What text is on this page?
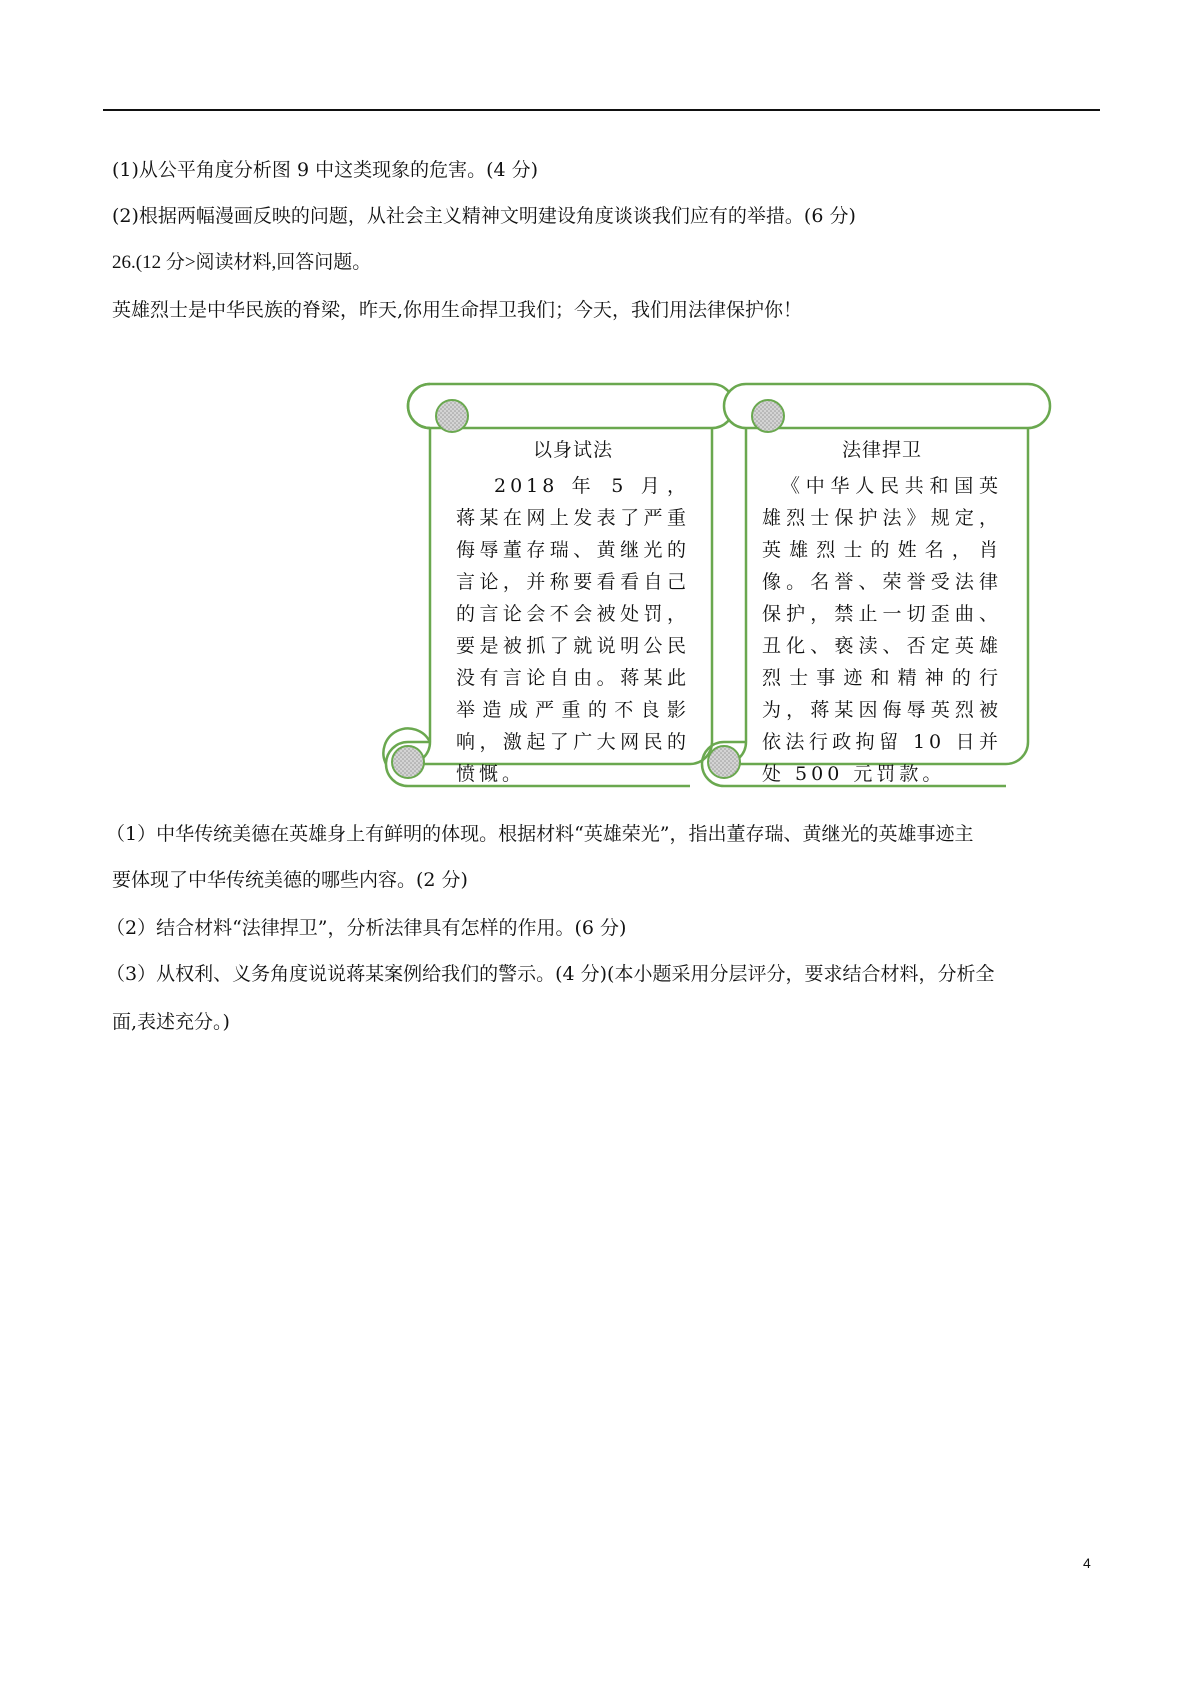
(1)从公平角度分析图 9 中这类现象的危害。(4 分)
(2)根据两幅漫画反映的问题，从社会主义精神文明建设角度谈谈我们应有的举措。(6 分)
26.(12 分>阅读材料,回答问题。
英雄烈士是中华民族的脊梁，昨天,你用生命捍卫我们；今天，我们用法律保护你！
以身试法
2018 年 5 月，蒋某在网上发表了严重侮辱董存瑞、黄继光的言论，并称要看看自己的言论会不会被处罚，要是被抓了就说明公民没有言论自由。蒋某此举造成严重的不良影响，激起了广大网民的愤慨。
法律捍卫
《中华人民共和国英雄烈士保护法》规定，英雄烈士的姓名，肖像。名誉、荣誉受法律保护，禁止一切歪曲、丑化、亵渎、否定英雄烈士事迹和精神的行为，蒋某因侮辱英烈被依法行政拘留 10 日并处 500 元罚款。
（1）中华传统美德在英雄身上有鲜明的体现。根据材料“英雄荣光”，指出董存瑞、黄继光的英雄事迹主
要体现了中华传统美德的哪些内容。(2 分)
（2）结合材料“法律捍卫”，分析法律具有怎样的作用。(6 分)
（3）从权利、义务角度说说蒋某案例给我们的警示。(4 分)(本小题采用分层评分，要求结合材料，分析全
面,表述充分。)
4
